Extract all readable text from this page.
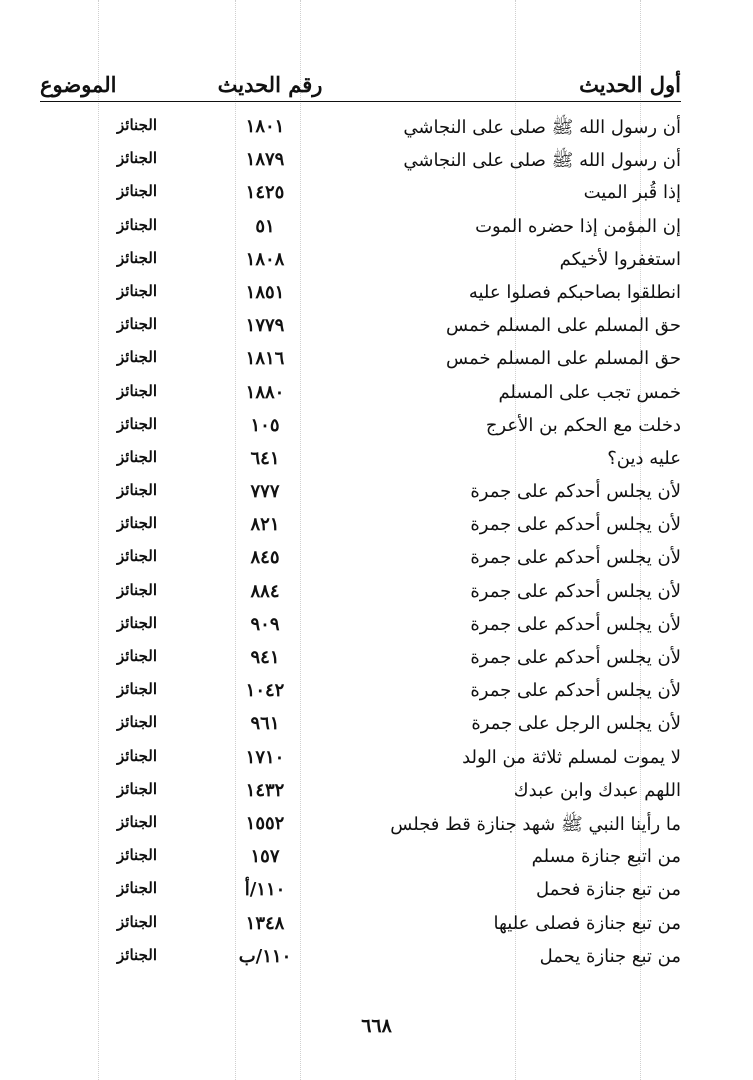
الموضوع	رقم الحديث	أول الحديث
أن رسول الله ﷺ صلى على النجاشي
١٨٠١
الجنائز
أن رسول الله ﷺ صلى على النجاشي
١٨٧٩
الجنائز
إذا قُبر الميت
١٤٢٥
الجنائز
إن المؤمن إذا حضره الموت
٥١
الجنائز
استغفروا لأخيكم
١٨٠٨
الجنائز
انطلقوا بصاحبكم فصلوا عليه
١٨٥١
الجنائز
حق المسلم على المسلم خمس
١٧٧٩
الجنائز
حق المسلم على المسلم خمس
١٨١٦
الجنائز
خمس تجب على المسلم
١٨٨٠
الجنائز
دخلت مع الحكم بن الأعرج
١٠٥
الجنائز
عليه دين؟
٦٤١
الجنائز
لأن يجلس أحدكم على جمرة
٧٧٧
الجنائز
لأن يجلس أحدكم على جمرة
٨٢١
الجنائز
لأن يجلس أحدكم على جمرة
٨٤٥
الجنائز
لأن يجلس أحدكم على جمرة
٨٨٤
الجنائز
لأن يجلس أحدكم على جمرة
٩٠٩
الجنائز
لأن يجلس أحدكم على جمرة
٩٤١
الجنائز
لأن يجلس أحدكم على جمرة
١٠٤٢
الجنائز
لأن يجلس الرجل على جمرة
٩٦١
الجنائز
لا يموت لمسلم ثلاثة من الولد
١٧١٠
الجنائز
اللهم عبدك وابن عبدك
١٤٣٢
الجنائز
ما رأينا النبي ﷺ شهد جنازة قط فجلس
١٥٥٢
الجنائز
من اتبع جنازة مسلم
١٥٧
الجنائز
من تبع جنازة فحمل
١١٠/أ
الجنائز
من تبع جنازة فصلى عليها
١٣٤٨
الجنائز
من تبع جنازة يحمل
١١٠/ب
الجنائز
٦٦٨
